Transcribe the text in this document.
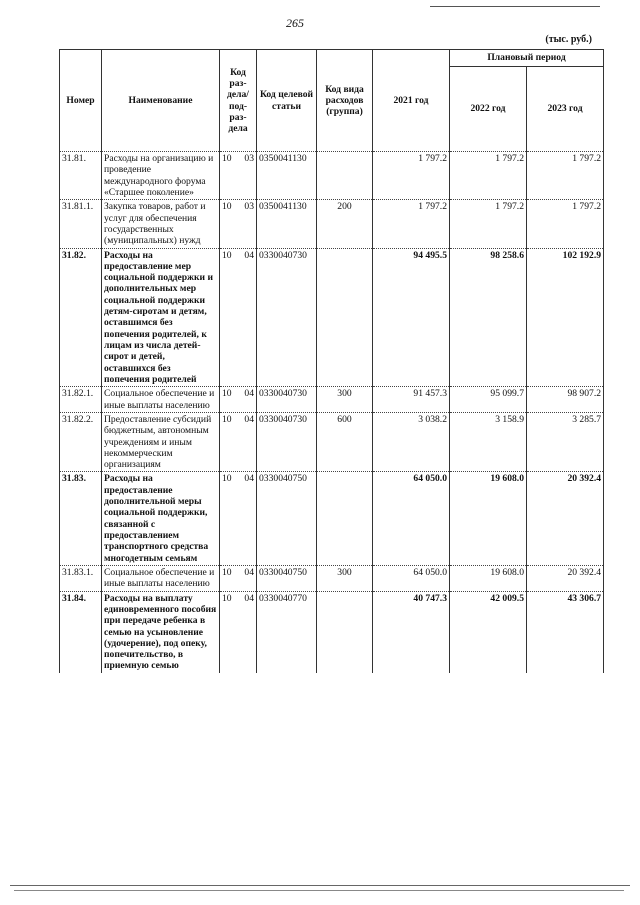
265
(тыс. руб.)
Номер	Наименование	Код раз-дела/ под-раз-дела	Код целевой статьи	Код вида расходов (группа)	2021 год	Плановый период	
						2022 год	2023 год
31.81.	Расходы на организацию и проведение международного форума «Старшее поколение»	10 03	0350041130		1 797.2	1 797.2	1 797.2
31.81.1.	Закупка товаров, работ и услуг для обеспечения государственных (муниципальных) нужд	10 03	0350041130	200	1 797.2	1 797.2	1 797.2
31.82.	Расходы на предоставление мер социальной поддержки и дополнительных мер социальной поддержки детям-сиротам и детям, оставшимся без попечения родителей, к лицам из числа детей-сирот и детей, оставшихся без попечения родителей	10 04	0330040730		94 495.5	98 258.6	102 192.9
31.82.1.	Социальное обеспечение и иные выплаты населению	10 04	0330040730	300	91 457.3	95 099.7	98 907.2
31.82.2.	Предоставление субсидий бюджетным, автономным учреждениям и иным некоммерческим организациям	10 04	0330040730	600	3 038.2	3 158.9	3 285.7
31.83.	Расходы на предоставление дополнительной меры социальной поддержки, связанной с предоставлением транспортного средства многодетным семьям	10 04	0330040750		64 050.0	19 608.0	20 392.4
31.83.1.	Социальное обеспечение и иные выплаты населению	10 04	0330040750	300	64 050.0	19 608.0	20 392.4
31.84.	Расходы на выплату единовременного пособия при передаче ребенка в семью на усыновление (удочерение), под опеку, попечительство, в приемную семью	10 04	0330040770		40 747.3	42 009.5	43 306.7
